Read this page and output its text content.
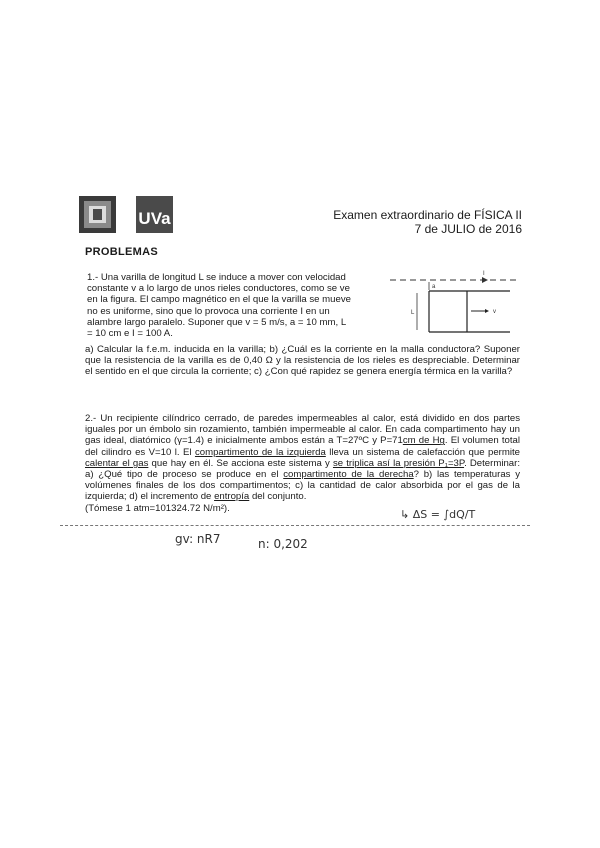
UVa	Examen extraordinario de FÍSICA II
7 de JULIO de 2016
PROBLEMAS
1.- Una varilla de longitud L se induce a mover con velocidad
constante v a lo largo de unos rieles conductores, como se ve
en la figura. El campo magnético en el que la varilla se mueve
no es uniforme, sino que lo provoca una corriente I en un
alambre largo paralelo. Suponer que v = 5 m/s, a = 10 mm, L
= 10 cm e I = 100 A.
I
a
v
L
a) Calcular la f.e.m. inducida en la varilla; b) ¿Cuál es la corriente en la malla conductora? Suponer que la resistencia de la varilla es de 0,40 Ω y la resistencia de los rieles es despreciable. Determinar el sentido en el que circula la corriente; c) ¿Con qué rapidez se genera energía térmica en la varilla?
2.- Un recipiente cilíndrico cerrado, de paredes impermeables al calor, está dividido en dos partes iguales por un émbolo sin rozamiento, también impermeable al calor. En cada compartimento hay un gas ideal, diatómico (γ=1.4) e inicialmente ambos están a T=27ºC y P=71cm de Hg. El volumen total del cilindro es V=10 l. El compartimento de la izquierda lleva un sistema de calefacción que permite calentar el gas que hay en él. Se acciona este sistema y se triplica así la presión P₁=3P. Determinar: a) ¿Qué tipo de proceso se produce en el compartimento de la derecha? b) las temperaturas y volúmenes finales de los dos compartimentos; c) la cantidad de calor absorbida por el gas de la izquierda; d) el incremento de entropía del conjunto.
(Tómese 1 atm=101324.72 N/m²).	↳ ΔS = ∫dQ/T
gv: nR7	n: 0,202
